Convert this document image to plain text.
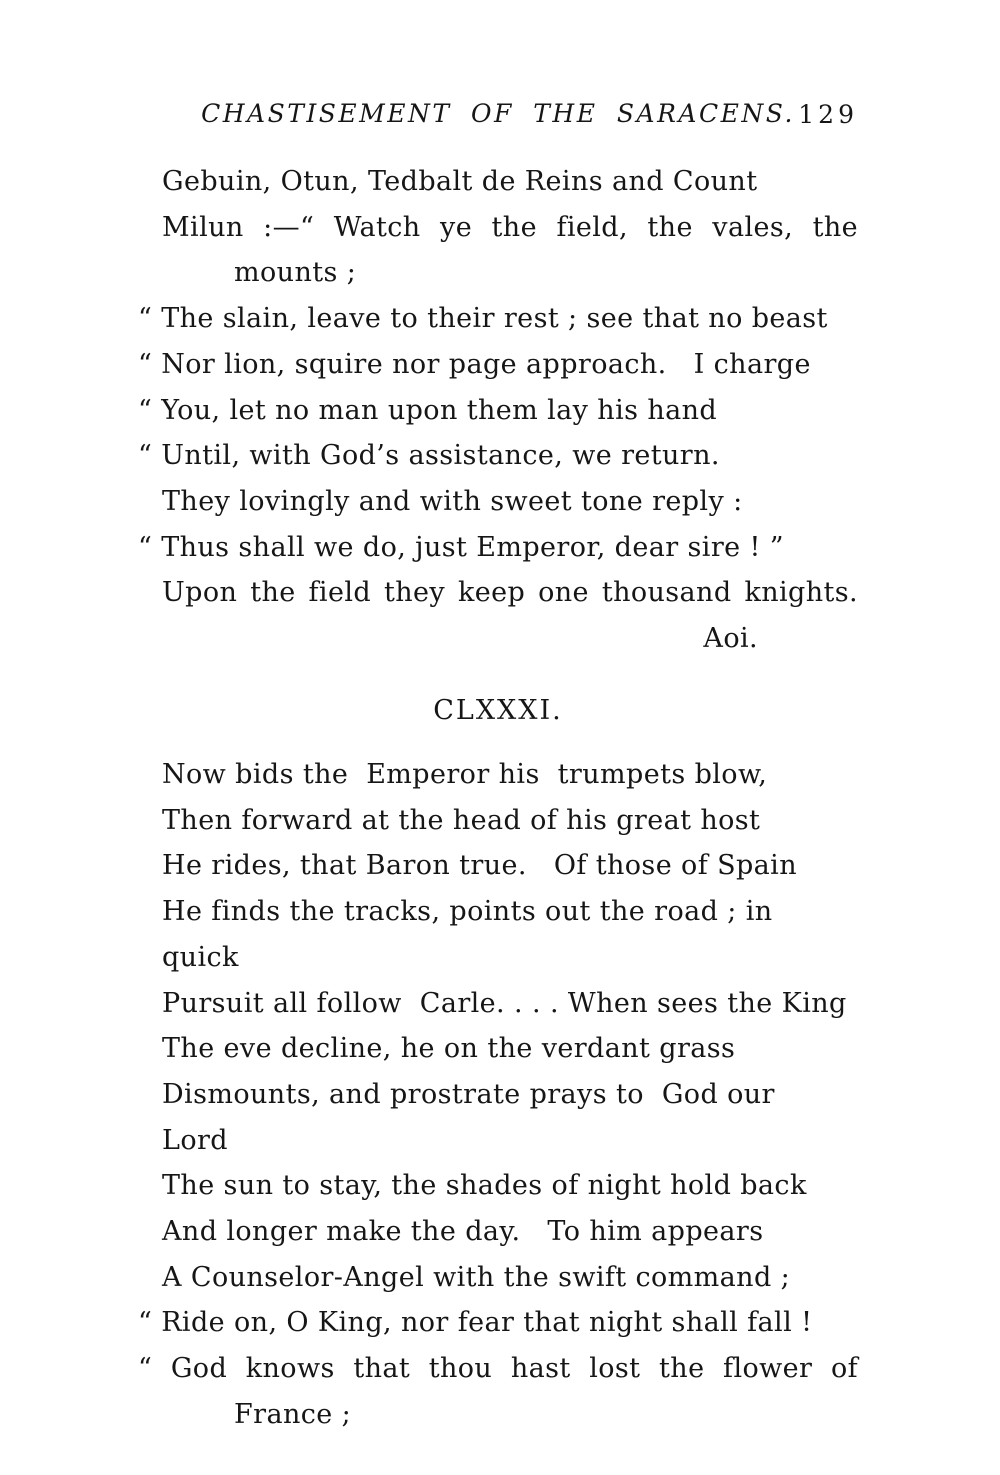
CHASTISEMENT OF THE SARACENS. 129
Gebuin, Otun, Tedbalt de Reins and Count
Milun :—“ Watch ye the field, the vales, the
mounts ;
“ The slain, leave to their rest ; see that no beast
“ Nor lion, squire nor page approach.   I charge
“ You, let no man upon them lay his hand
“ Until, with God’s assistance, we return.
They lovingly and with sweet tone reply :
“ Thus shall we do, just Emperor, dear sire ! ”
Upon the field they keep one thousand knights.
Aoi.
CLXXXI.
Now bids the  Emperor his  trumpets blow,
Then forward at the head of his great host
He rides, that Baron true.   Of those of Spain
He finds the tracks, points out the road ; in quick
Pursuit all follow  Carle. . . . When sees the King
The eve decline, he on the verdant grass
Dismounts, and prostrate prays to  God our  Lord
The sun to stay, the shades of night hold back
And longer make the day.   To him appears
A Counselor-Angel with the swift command ;
“ Ride on, O King, nor fear that night shall fall !
“ God knows that thou hast lost the flower of
France ;
